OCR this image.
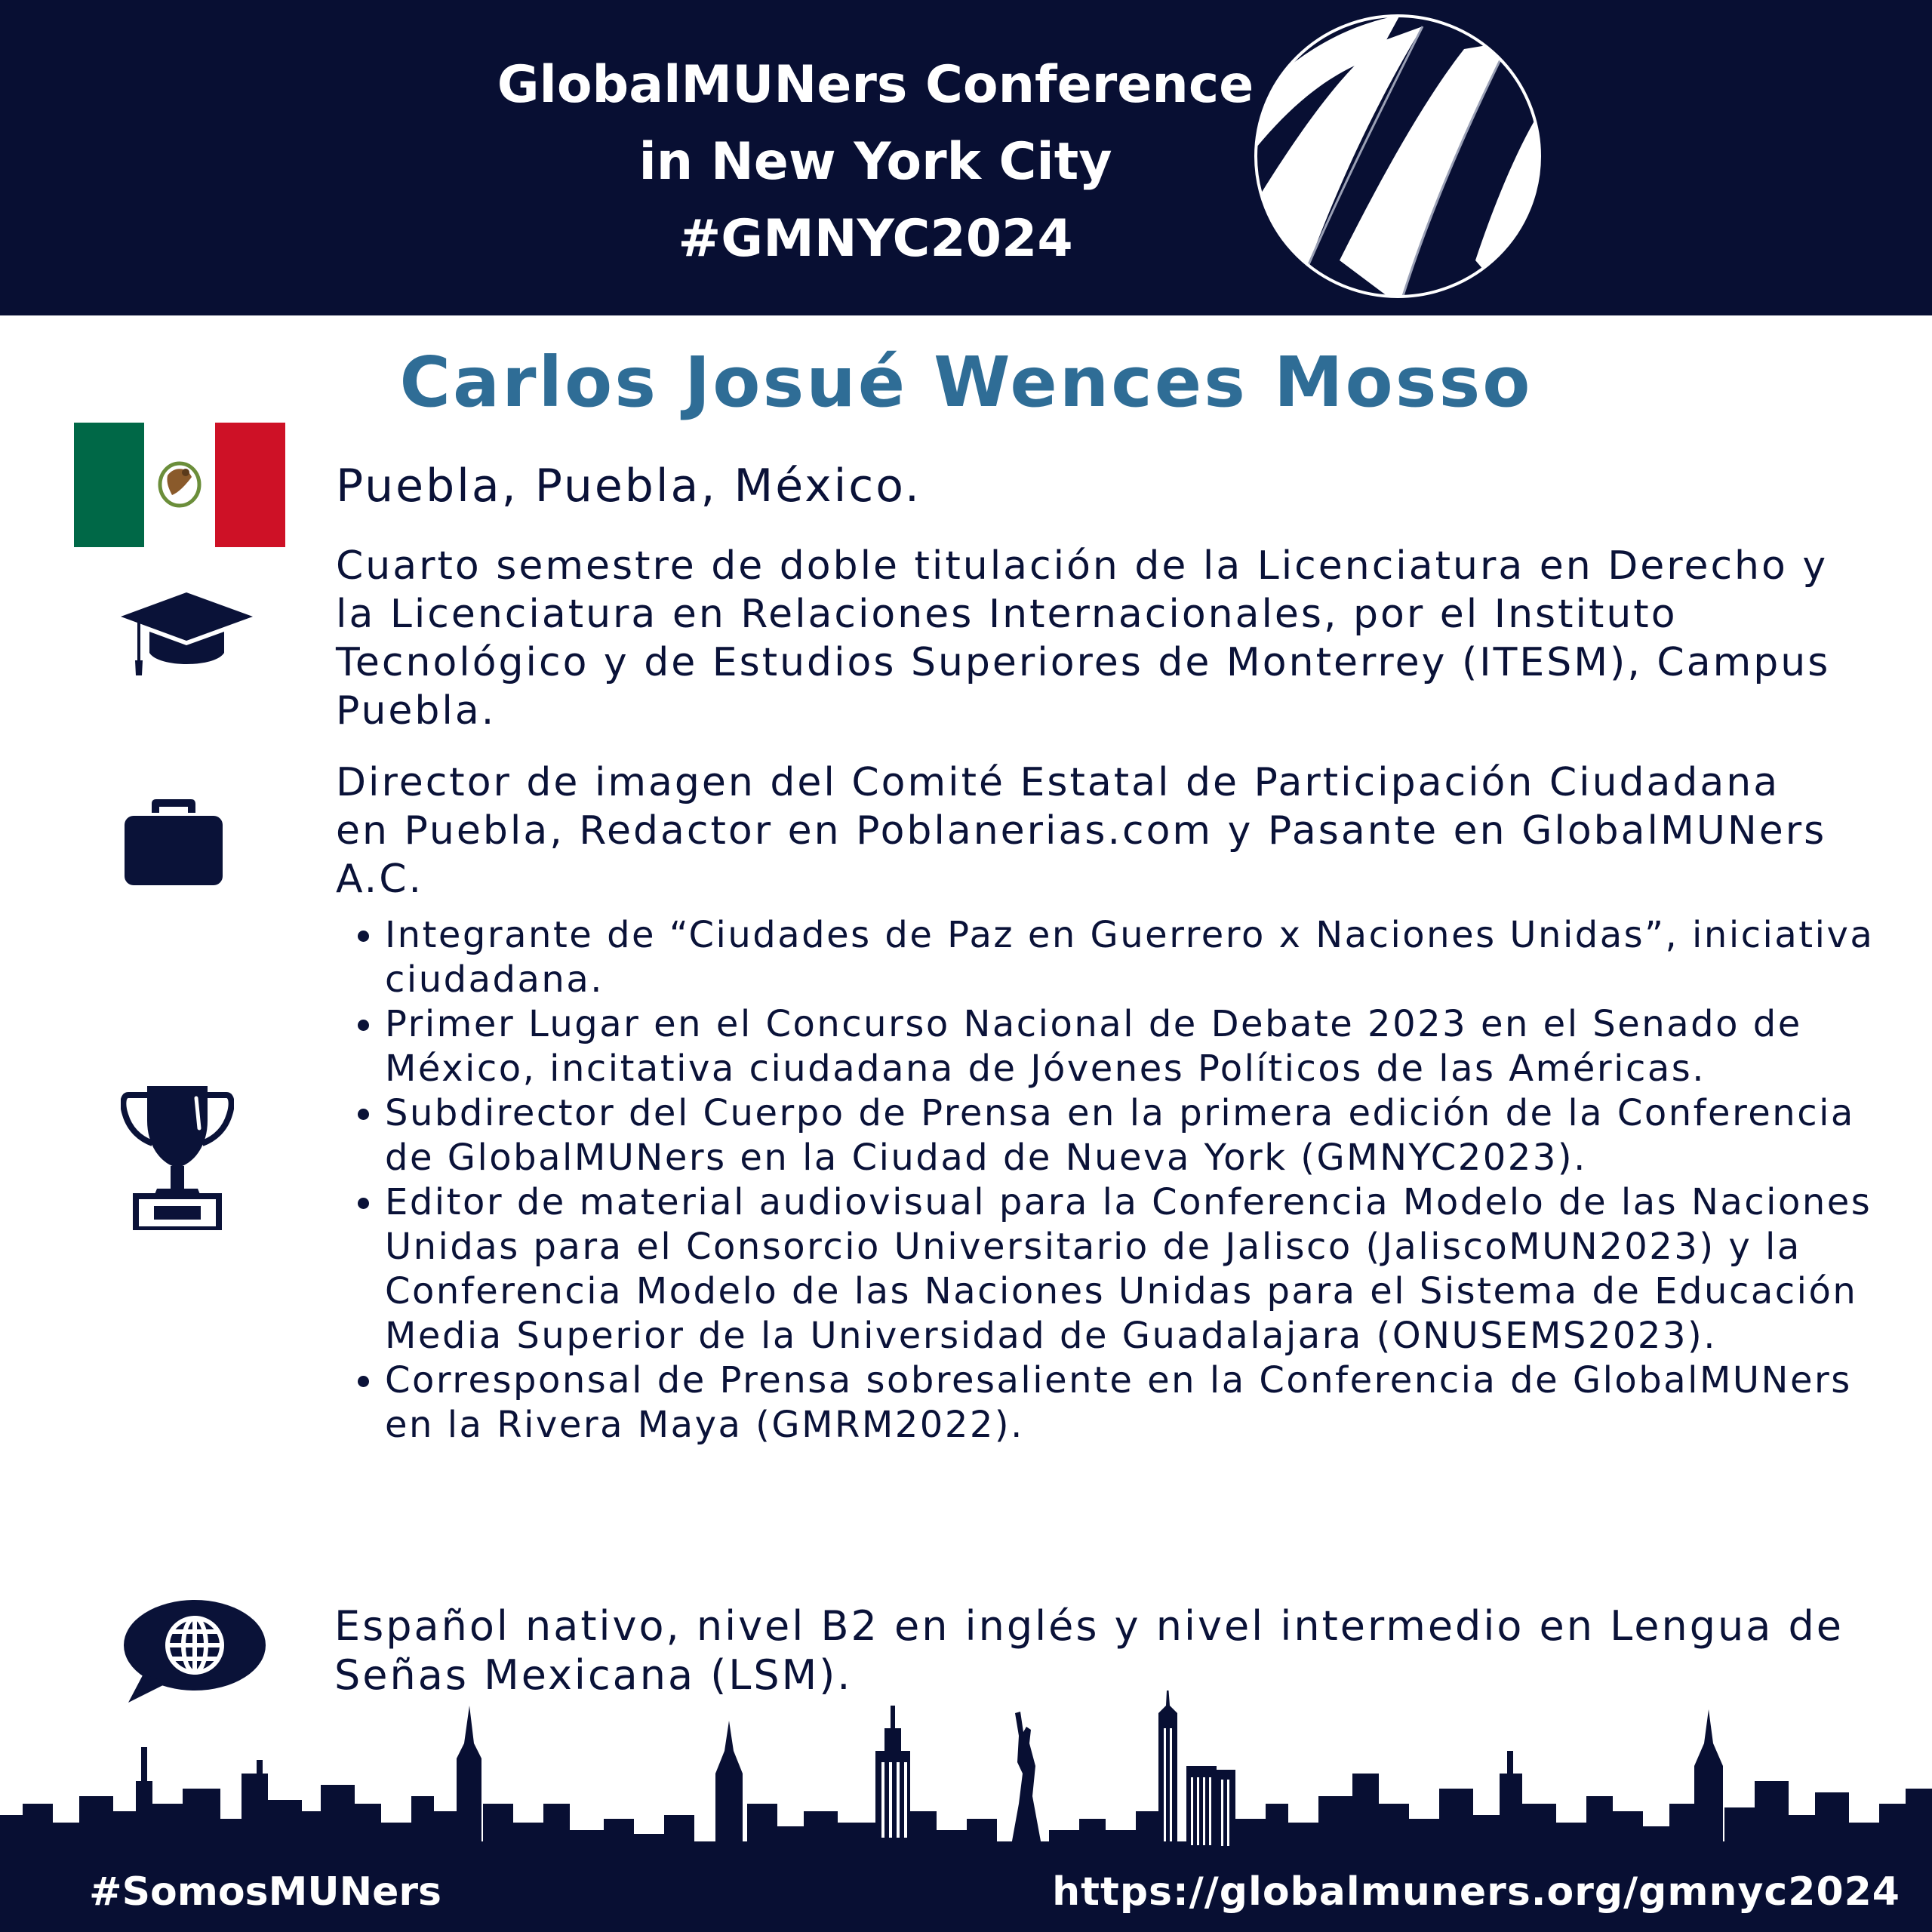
GlobalMUNers Conference
in New York City
#GMNYC2024
Carlos Josué Wences Mosso

Puebla, Puebla, México.

Cuarto semestre de doble titulación de la Licenciatura en Derecho y la Licenciatura en Relaciones Internacionales, por el Instituto Tecnológico y de Estudios Superiores de Monterrey (ITESM), Campus Puebla.

Director de imagen del Comité Estatal de Participación Ciudadana en Puebla, Redactor en Poblanerias.com y Pasante en GlobalMUNers A.C.

• Integrante de “Ciudades de Paz en Guerrero x Naciones Unidas”, iniciativa ciudadana.
• Primer Lugar en el Concurso Nacional de Debate 2023 en el Senado de México, incitativa ciudadana de Jóvenes Políticos de las Américas.
• Subdirector del Cuerpo de Prensa en la primera edición de la Conferencia de GlobalMUNers en la Ciudad de Nueva York (GMNYC2023).
• Editor de material audiovisual para la Conferencia Modelo de las Naciones Unidas para el Consorcio Universitario de Jalisco (JaliscoMUN2023) y la Conferencia Modelo de las Naciones Unidas para el Sistema de Educación Media Superior de la Universidad de Guadalajara (ONUSEMS2023).
• Corresponsal de Prensa sobresaliente en la Conferencia de GlobalMUNers en la Rivera Maya (GMRM2022).

Español nativo, nivel B2 en inglés y nivel intermedio en Lengua de Señas Mexicana (LSM).

#SomosMUNers	https://globalmuners.org/gmnyc2024
